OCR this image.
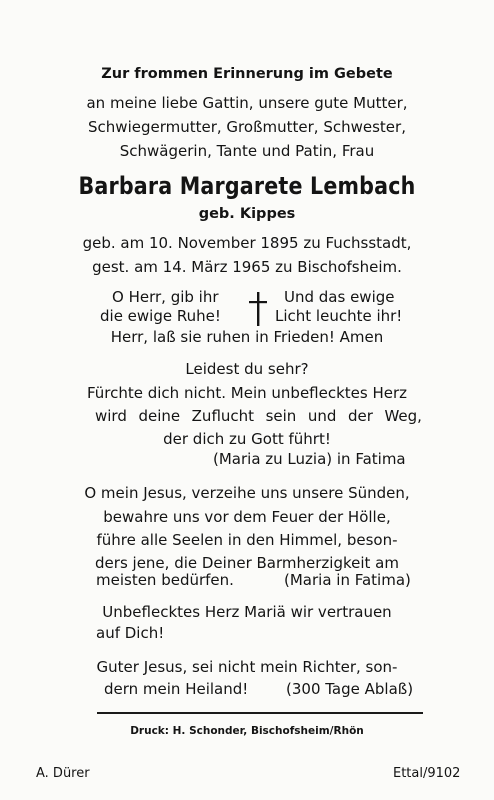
Zur frommen Erinnerung im Gebete
an meine liebe Gattin, unsere gute Mutter,
Schwiegermutter, Großmutter, Schwester,
Schwägerin, Tante und Patin, Frau
Barbara Margarete Lembach
geb. Kippes
geb. am 10. November 1895 zu Fuchsstadt,
gest. am 14. März 1965 zu Bischofsheim.
O Herr, gib ihr	Und das ewige
die ewige Ruhe!	Licht leuchte ihr!
Herr, laß sie ruhen in Frieden! Amen
Leidest du sehr?
Fürchte dich nicht. Mein unbeflecktes Herz
wird deine Zuflucht sein und der Weg,
der dich zu Gott führt!
(Maria zu Luzia) in Fatima
O mein Jesus, verzeihe uns unsere Sünden,
bewahre uns vor dem Feuer der Hölle,
führe alle Seelen in den Himmel, beson-
ders jene, die Deiner Barmherzigkeit am
meisten bedürfen.	(Maria in Fatima)
Unbeflecktes Herz Mariä wir vertrauen
auf Dich!
Guter Jesus, sei nicht mein Richter, son-
dern mein Heiland!	(300 Tage Ablaß)
Druck: H. Schonder, Bischofsheim/Rhön
A. Dürer	Ettal/9102
